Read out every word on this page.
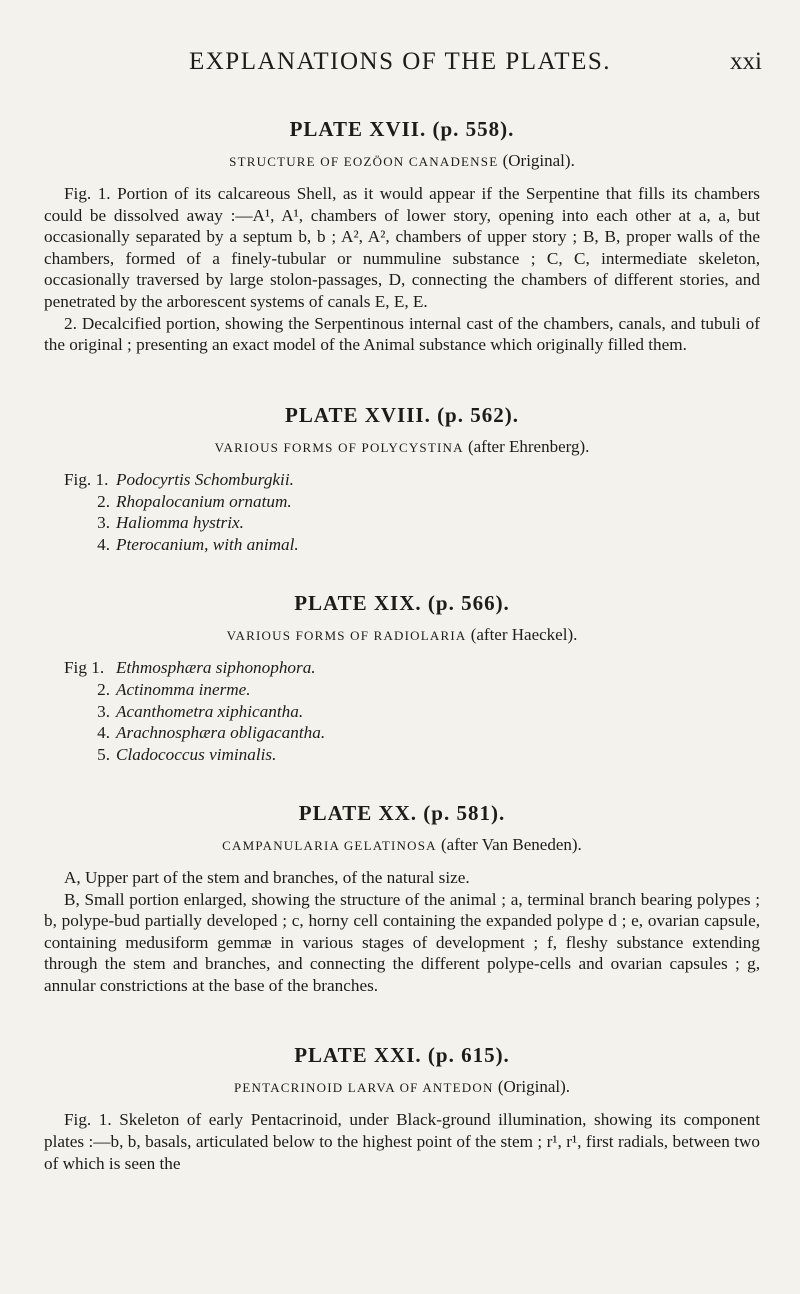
EXPLANATIONS OF THE PLATES.	xxi
PLATE XVII. (p. 558).
STRUCTURE OF EOZÖON CANADENSE (Original).

Fig. 1. Portion of its calcareous Shell, as it would appear if the Serpentine that fills its chambers could be dissolved away :—A¹, A¹, chambers of lower story, opening into each other at a, a, but occasionally separated by a septum b, b ; A², A², chambers of upper story ; B, B, proper walls of the chambers, formed of a finely-tubular or nummuline substance ; C, C, intermediate skeleton, occasionally traversed by large stolon-passages, D, connecting the chambers of different stories, and penetrated by the arborescent systems of canals E, E, E.

2. Decalcified portion, showing the Serpentinous internal cast of the chambers, canals, and tubuli of the original ; presenting an exact model of the Animal substance which originally filled them.

PLATE XVIII. (p. 562).
VARIOUS FORMS OF POLYCYSTINA (after Ehrenberg).
Fig. 1. Podocyrtis Schomburgkii.
2. Rhopalocanium ornatum.
3. Haliomma hystrix.
4. Pterocanium, with animal.
PLATE XIX. (p. 566).
VARIOUS FORMS OF RADIOLARIA (after Haeckel).
Fig 1. Ethmosphæra siphonophora.
2. Actinomma inerme.
3. Acanthometra xiphicantha.
4. Arachnosphæra obligacantha.
5. Cladococcus viminalis.
PLATE XX. (p. 581).
CAMPANULARIA GELATINOSA (after Van Beneden).

A, Upper part of the stem and branches, of the natural size.

B, Small portion enlarged, showing the structure of the animal ; a, terminal branch bearing polypes ; b, polype-bud partially developed ; c, horny cell containing the expanded polype d ; e, ovarian capsule, containing medusiform gemmæ in various stages of development ; f, fleshy substance extending through the stem and branches, and connecting the different polype-cells and ovarian capsules ; g, annular constrictions at the base of the branches.

PLATE XXI. (p. 615).
PENTACRINOID LARVA OF ANTEDON (Original).

Fig. 1. Skeleton of early Pentacrinoid, under Black-ground illumination, showing its component plates :—b, b, basals, articulated below to the highest point of the stem ; r¹, r¹, first radials, between two of which is seen the
